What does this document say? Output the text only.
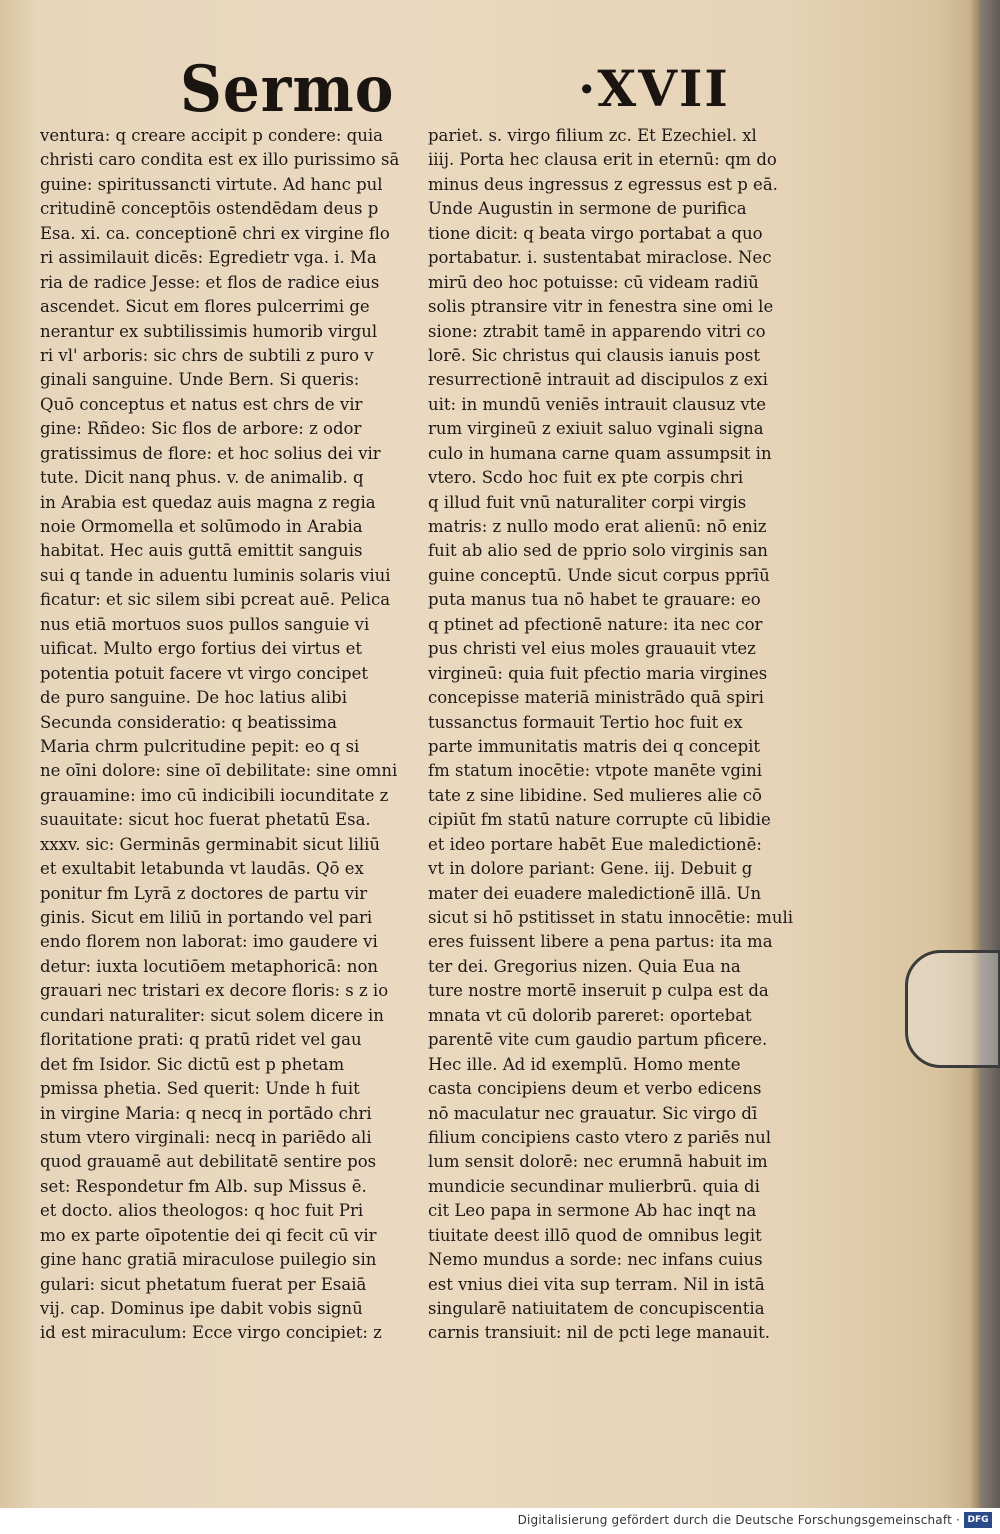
Sermo	·XVII
ventura: q creare accipit p condere: quia
christi caro condita est ex illo purissimo sā
guine: spiritussancti virtute. Ad hanc pul
critudinē conceptōis ostendēdam deus p
Esa. xi. ca. conceptionē chri ex virgine flo
ri assimilauit dicēs: Egredietr vga. i. Ma
ria de radice Jesse: et flos de radice eius
ascendet. Sicut em flores pulcerrimi ge
nerantur ex subtilissimis humorib virgul
ri vl' arboris: sic chrs de subtili z puro v
ginali sanguine. Unde Bern. Si queris:
Quō conceptus et natus est chrs de vir
gine: Rñdeo: Sic flos de arbore: z odor
gratissimus de flore: et hoc solius dei vir
tute. Dicit nanq phus. v. de animalib. q
in Arabia est quedaz auis magna z regia
noie Ormomella et solūmodo in Arabia
habitat. Hec auis guttā emittit sanguis
sui q tande in aduentu luminis solaris viui
ficatur: et sic silem sibi pcreat auē. Pelica
nus etiā mortuos suos pullos sanguie vi
uificat. Multo ergo fortius dei virtus et
potentia potuit facere vt virgo concipet
de puro sanguine. De hoc latius alibi
Secunda consideratio: q beatissima
Maria chrm pulcritudine pepit: eo q si
ne oīni dolore: sine oī debilitate: sine omni
grauamine: imo cū indicibili iocunditate z
suauitate: sicut hoc fuerat phetatū Esa.
xxxv. sic: Germinās germinabit sicut liliū
et exultabit letabunda vt laudās. Qō ex
ponitur fm Lyrā z doctores de partu vir
ginis. Sicut em liliū in portando vel pari
endo florem non laborat: imo gaudere vi
detur: iuxta locutiōem metaphoricā: non
grauari nec tristari ex decore floris: s z io
cundari naturaliter: sicut solem dicere in
floritatione prati: q pratū ridet vel gau
det fm Isidor. Sic dictū est p phetam
pmissa phetia. Sed querit: Unde h fuit
in virgine Maria: q necq in portādo chri
stum vtero virginali: necq in pariēdo ali
quod grauamē aut debilitatē sentire pos
set: Respondetur fm Alb. sup Missus ē.
et docto. alios theologos: q hoc fuit Pri
mo ex parte oīpotentie dei qi fecit cū vir
gine hanc gratiā miraculose puilegio sin
gulari: sicut phetatum fuerat per Esaiā
vij. cap. Dominus ipe dabit vobis signū
id est miraculum: Ecce virgo concipiet: z
pariet. s. virgo filium zc. Et Ezechiel. xl
iiij. Porta hec clausa erit in eternū: qm do
minus deus ingressus z egressus est p eā.
Unde Augustin in sermone de purifica
tione dicit: q beata virgo portabat a quo
portabatur. i. sustentabat miraclose. Nec
mirū deo hoc potuisse: cū videam radiū
solis ptransire vitr in fenestra sine omi le
sione: ztrabit tamē in apparendo vitri co
lorē. Sic christus qui clausis ianuis post
resurrectionē intrauit ad discipulos z exi
uit: in mundū veniēs intrauit clausuz vte
rum virgineū z exiuit saluo vginali signa
culo in humana carne quam assumpsit in
vtero. Scdo hoc fuit ex pte corpis chri
q illud fuit vnū naturaliter corpi virgis
matris: z nullo modo erat alienū: nō eniz
fuit ab alio sed de pprio solo virginis san
guine conceptū. Unde sicut corpus pprīū
puta manus tua nō habet te grauare: eo
q ptinet ad pfectionē nature: ita nec cor
pus christi vel eius moles grauauit vtez
virgineū: quia fuit pfectio maria virgines
concepisse materiā ministrādo quā spiri
tussanctus formauit Tertio hoc fuit ex
parte immunitatis matris dei q concepit
fm statum inocētie: vtpote manēte vgini
tate z sine libidine. Sed mulieres alie cō
cipiūt fm statū nature corrupte cū libidie
et ideo portare habēt Eue maledictionē:
vt in dolore pariant: Gene. iij. Debuit g
mater dei euadere maledictionē illā. Un
sicut si hō pstitisset in statu innocētie: muli
eres fuissent libere a pena partus: ita ma
ter dei. Gregorius nizen. Quia Eua na
ture nostre mortē inseruit p culpa est da
mnata vt cū dolorib pareret: oportebat
parentē vite cum gaudio partum pficere.
Hec ille. Ad id exemplū. Homo mente
casta concipiens deum et verbo edicens
nō maculatur nec grauatur. Sic virgo dī
filium concipiens casto vtero z pariēs nul
lum sensit dolorē: nec erumnā habuit im
mundicie secundinar mulierbrū. quia di
cit Leo papa in sermone Ab hac inqt na
tiuitate deest illō quod de omnibus legit
Nemo mundus a sorde: nec infans cuius
est vnius diei vita sup terram. Nil in istā
singularē natiuitatem de concupiscentia
carnis transiuit: nil de pcti lege manauit.
Digitalisierung gefördert durch die Deutsche Forschungsgemeinschaft · DFG
